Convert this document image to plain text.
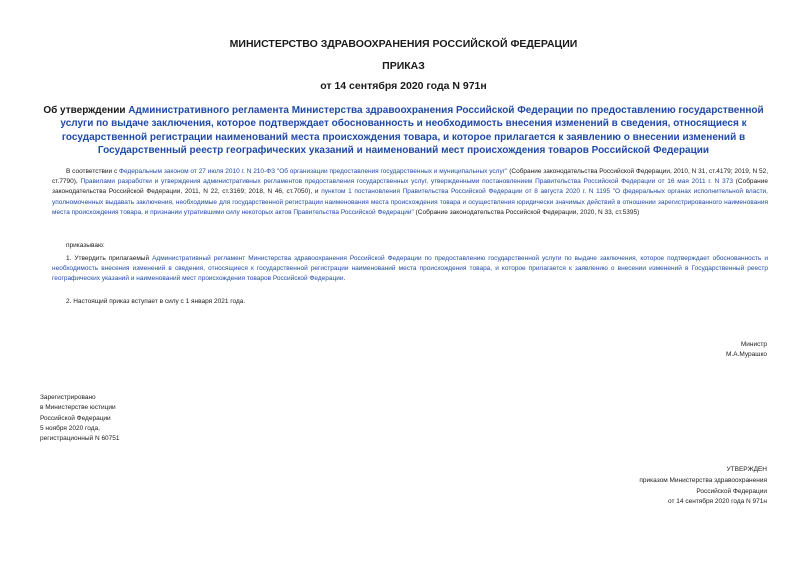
МИНИСТЕРСТВО ЗДРАВООХРАНЕНИЯ РОССИЙСКОЙ ФЕДЕРАЦИИ
ПРИКАЗ
от 14 сентября 2020 года N 971н
Об утверждении Административного регламента Министерства здравоохранения Российской Федерации по предоставлению государственной услуги по выдаче заключения, которое подтверждает обоснованность и необходимость внесения изменений в сведения, относящиеся к государственной регистрации наименований места происхождения товара, и которое прилагается к заявлению о внесении изменений в Государственный реестр географических указаний и наименований мест происхождения товаров Российской Федерации
В соответствии с Федеральным законом от 27 июля 2010 г. N 210-ФЗ "Об организации предоставления государственных и муниципальных услуг" (Собрание законодательства Российской Федерации, 2010, N 31, ст.4179; 2019, N 52, ст.7790), Правилами разработки и утверждения административных регламентов предоставления государственных услуг, утвержденными постановлением Правительства Российской Федерации от 16 мая 2011 г. N 373 (Собрание законодательства Российской Федерации, 2011, N 22, ст.3169; 2018, N 46, ст.7050), и пунктом 1 постановления Правительства Российской Федерации от 8 августа 2020 г. N 1195 "О федеральных органах исполнительной власти, уполномоченных выдавать заключения, необходимые для государственной регистрации наименования места происхождения товара и осуществления юридически значимых действий в отношении зарегистрированного наименования места происхождения товара, и признании утратившими силу некоторых актов Правительства Российской Федерации" (Собрание законодательства Российской Федерации, 2020, N 33, ст.5395)
приказываю:
1. Утвердить прилагаемый Административный регламент Министерства здравоохранения Российской Федерации по предоставлению государственной услуги по выдаче заключения, которое подтверждает обоснованность и необходимость внесения изменений в сведения, относящиеся к государственной регистрации наименований места происхождения товара, и которое прилагается к заявлению о внесении изменений в Государственный реестр географических указаний и наименований мест происхождения товаров Российской Федерации.
2. Настоящий приказ вступает в силу с 1 января 2021 года.
Министр
М.А.Мурашко
Зарегистрировано
в Министерстве юстиции
Российской Федерации
5 ноября 2020 года,
регистрационный N 60751
УТВЕРЖДЕН
приказом Министерства здравоохранения
Российской Федерации
от 14 сентября 2020 года N 971н
